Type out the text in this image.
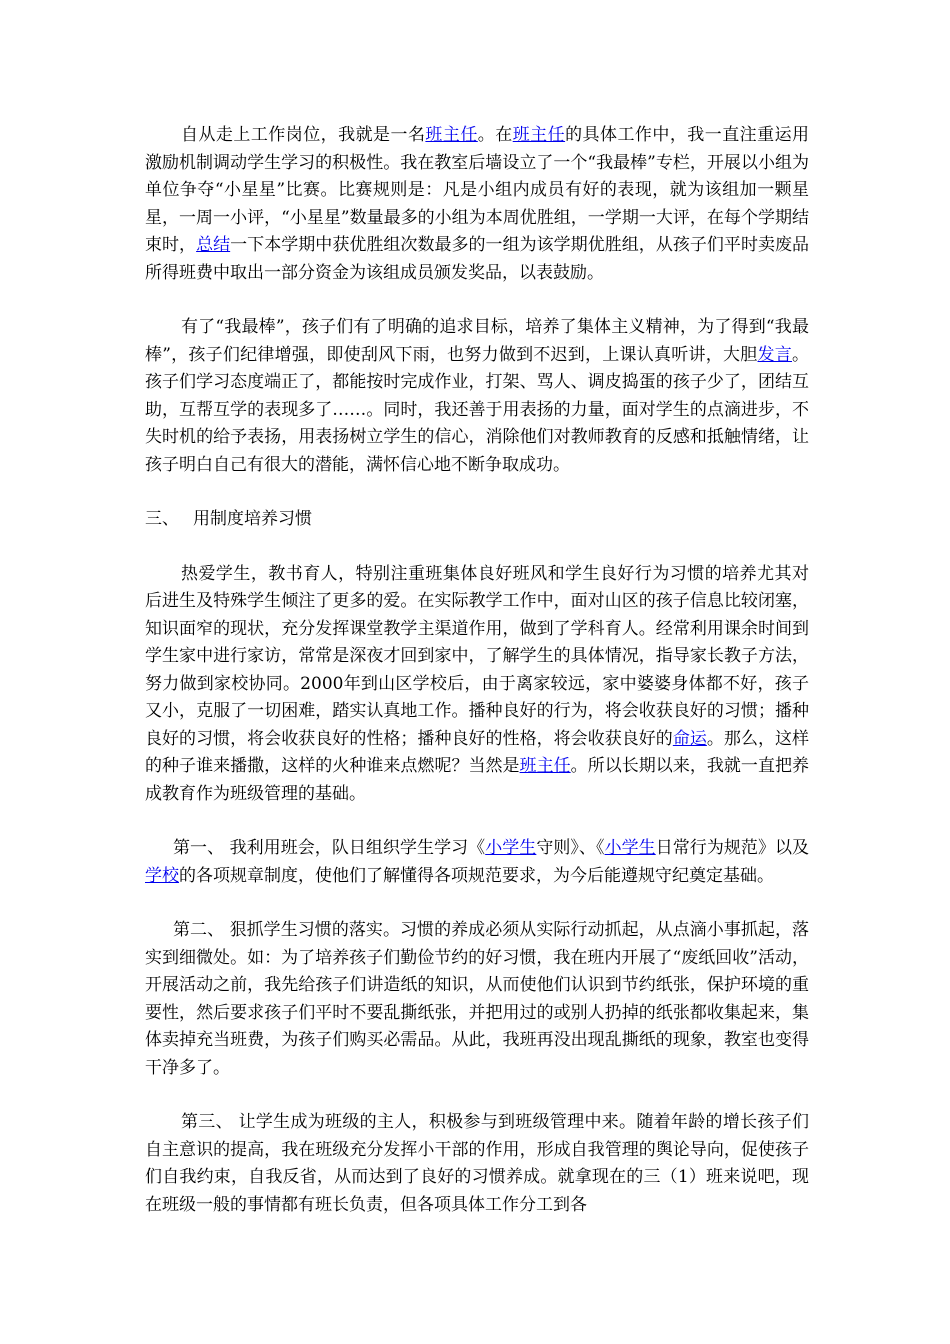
自从走上工作岗位，我就是一名班主任。在班主任的具体工作中，我一直注重运用激励机制调动学生学习的积极性。我在教室后墙设立了一个“我最棒”专栏，开展以小组为单位争夺“小星星”比赛。比赛规则是：凡是小组内成员有好的表现，就为该组加一颗星星，一周一小评，“小星星”数量最多的小组为本周优胜组，一学期一大评，在每个学期结束时，总结一下本学期中获优胜组次数最多的一组为该学期优胜组，从孩子们平时卖废品所得班费中取出一部分资金为该组成员颁发奖品，以表鼓励。

有了“我最棒”，孩子们有了明确的追求目标，培养了集体主义精神，为了得到“我最棒”，孩子们纪律增强，即使刮风下雨，也努力做到不迟到，上课认真听讲，大胆发言。孩子们学习态度端正了，都能按时完成作业，打架、骂人、调皮捣蛋的孩子少了，团结互助，互帮互学的表现多了……。同时，我还善于用表扬的力量，面对学生的点滴进步，不失时机的给予表扬，用表扬树立学生的信心，消除他们对教师教育的反感和抵触情绪，让孩子明白自己有很大的潜能，满怀信心地不断争取成功。

三、 用制度培养习惯

热爱学生，教书育人，特别注重班集体良好班风和学生良好行为习惯的培养尤其对后进生及特殊学生倾注了更多的爱。在实际教学工作中，面对山区的孩子信息比较闭塞，知识面窄的现状，充分发挥课堂教学主渠道作用，做到了学科育人。经常利用课余时间到学生家中进行家访，常常是深夜才回到家中，了解学生的具体情况，指导家长教子方法，努力做到家校协同。2000年到山区学校后，由于离家较远，家中婆婆身体都不好，孩子又小，克服了一切困难，踏实认真地工作。播种良好的行为，将会收获良好的习惯；播种良好的习惯，将会收获良好的性格；播种良好的性格，将会收获良好的命运。那么，这样的种子谁来播撒，这样的火种谁来点燃呢？当然是班主任。所以长期以来，我就一直把养成教育作为班级管理的基础。

第一、 我利用班会，队日组织学生学习《小学生守则》、《小学生日常行为规范》以及学校的各项规章制度，使他们了解懂得各项规范要求，为今后能遵规守纪奠定基础。

第二、 狠抓学生习惯的落实。习惯的养成必须从实际行动抓起，从点滴小事抓起，落实到细微处。如：为了培养孩子们勤俭节约的好习惯，我在班内开展了“废纸回收”活动，开展活动之前，我先给孩子们讲造纸的知识，从而使他们认识到节约纸张，保护环境的重要性，然后要求孩子们平时不要乱撕纸张，并把用过的或别人扔掉的纸张都收集起来，集体卖掉充当班费，为孩子们购买必需品。从此，我班再没出现乱撕纸的现象，教室也变得干净多了。

第三、 让学生成为班级的主人，积极参与到班级管理中来。随着年龄的增长孩子们自主意识的提高，我在班级充分发挥小干部的作用，形成自我管理的舆论导向，促使孩子们自我约束，自我反省，从而达到了良好的习惯养成。就拿现在的三（1）班来说吧，现在班级一般的事情都有班长负责，但各项具体工作分工到各
